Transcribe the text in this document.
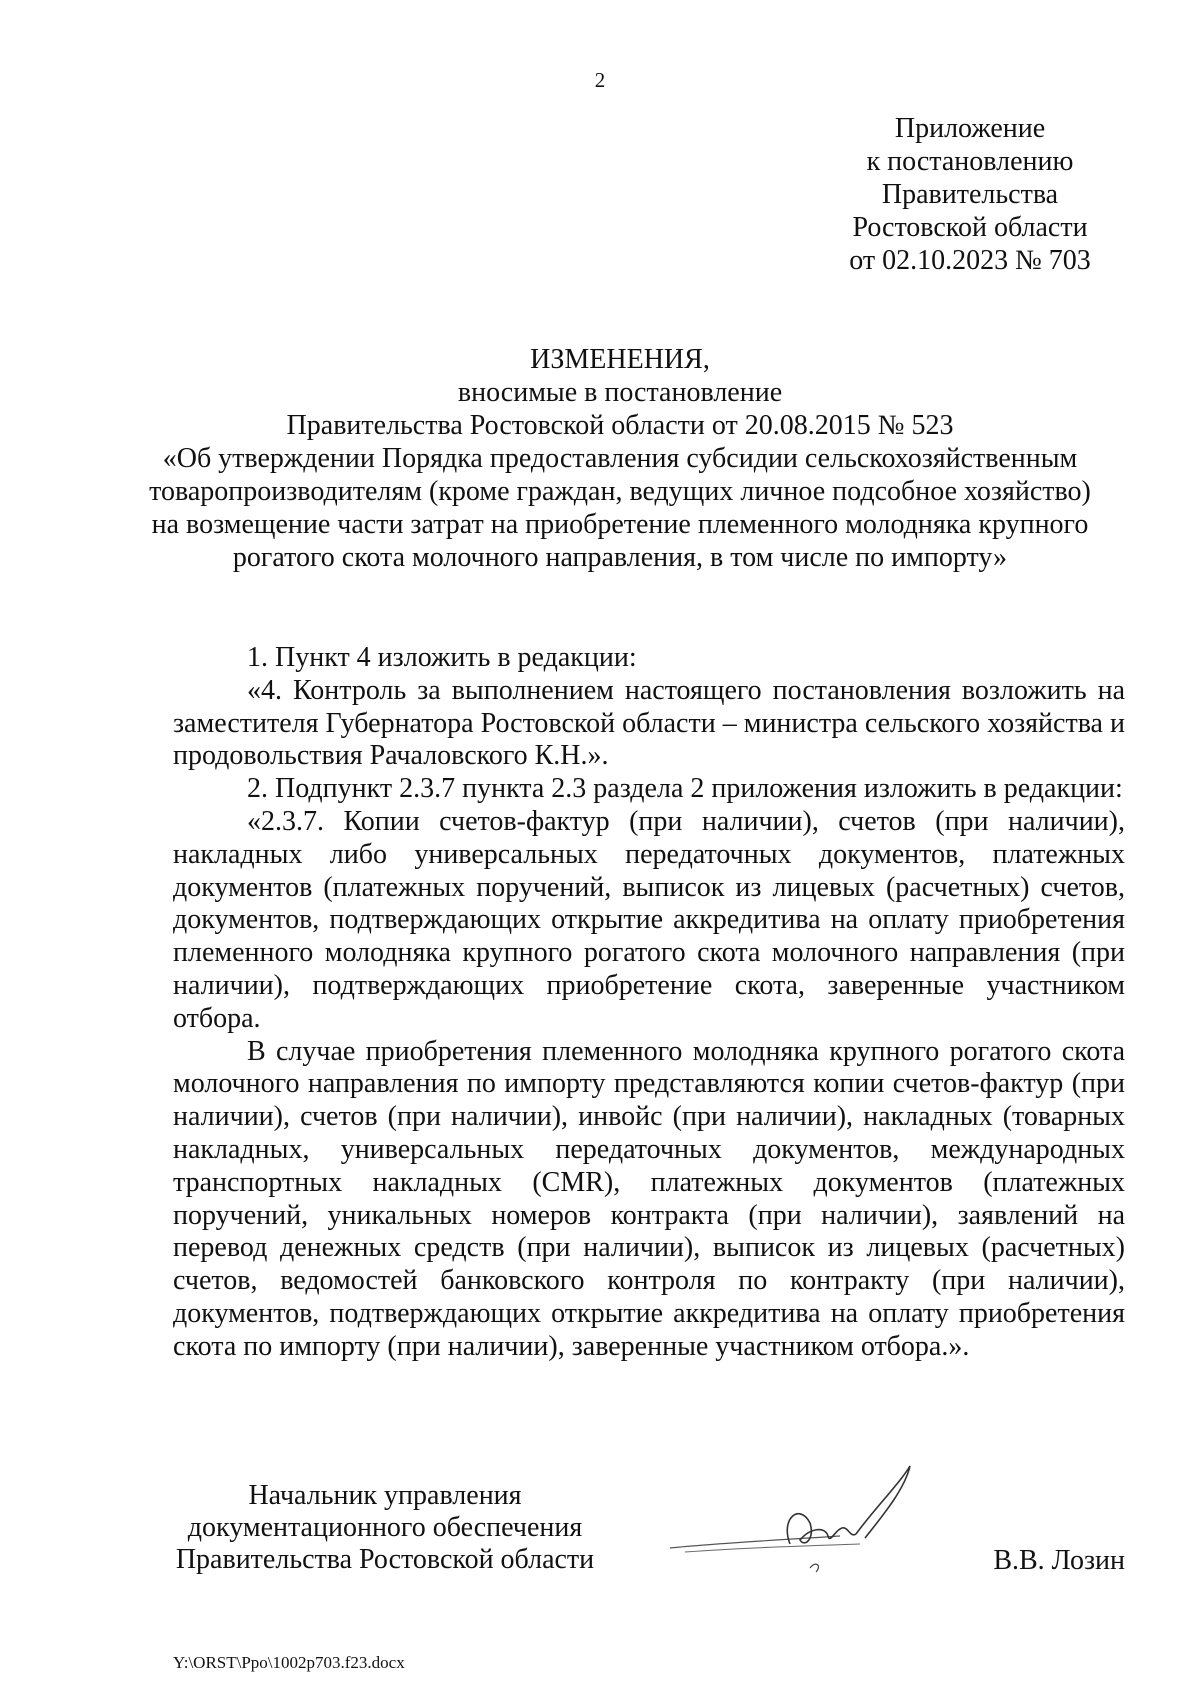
2
Приложение
к постановлению
Правительства
Ростовской области
от 02.10.2023 № 703
ИЗМЕНЕНИЯ,
вносимые в постановление
Правительства Ростовской области от 20.08.2015 № 523
«Об утверждении Порядка предоставления субсидии сельскохозяйственным
товаропроизводителям (кроме граждан, ведущих личное подсобное хозяйство)
на возмещение части затрат на приобретение племенного молодняка крупного
рогатого скота молочного направления, в том числе по импорту»

1. Пункт 4 изложить в редакции:

«4. Контроль за выполнением настоящего постановления возложить на заместителя Губернатора Ростовской области – министра сельского хозяйства и продовольствия Рачаловского К.Н.».

2. Подпункт 2.3.7 пункта 2.3 раздела 2 приложения изложить в редакции:

«2.3.7. Копии счетов-фактур (при наличии), счетов (при наличии), накладных либо универсальных передаточных документов, платежных документов (платежных поручений, выписок из лицевых (расчетных) счетов, документов, подтверждающих открытие аккредитива на оплату приобретения племенного молодняка крупного рогатого скота молочного направления (при наличии), подтверждающих приобретение скота, заверенные участником отбора.

В случае приобретения племенного молодняка крупного рогатого скота молочного направления по импорту представляются копии счетов-фактур (при наличии), счетов (при наличии), инвойс (при наличии), накладных (товарных накладных, универсальных передаточных документов, международных транспортных накладных (CMR), платежных документов (платежных поручений, уникальных номеров контракта (при наличии), заявлений на перевод денежных средств (при наличии), выписок из лицевых (расчетных) счетов, ведомостей банковского контроля по контракту (при наличии), документов, подтверждающих открытие аккредитива на оплату приобретения скота по импорту (при наличии), заверенные участником отбора.».

Начальник управления
документационного обеспечения
Правительства Ростовской области	В.В. Лозин
Y:\ORST\Ppo\1002p703.f23.docx
